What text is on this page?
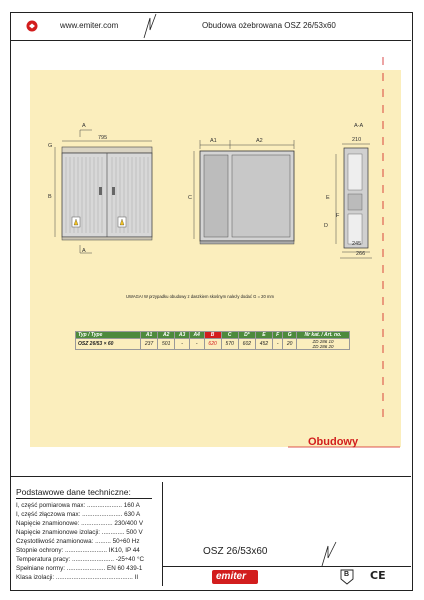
www.emiter.com	Obudowa ożebrowana OSZ 26/53x60
795
A
A
G
B
A1	A2
C
A-A
210
E
F
D
245
266
UWAGA! W przypadku obudowy z daszkiem skośnym należy dodać G = 20 mm
Typ / Type	A1	A2	A3	A4	B	C	D*	E	F	G	Nr kat. / Art. no.
OSZ 26/53 × 60	237	501	-	-	620	570	602	452	-	20	ZD 286 10
ZD 286 20
Obudowy
Podstawowe dane techniczne:
I, część pomiarowa max: .................... 160 A
I, część złączowa max: ....................... 630 A
Napięcie znamionowe: .................. 230/400 V
Napięcie znamionowe izolacji: ............. 500 V
Częstotliwość znamionowa: ......... 50÷60 Hz
Stopnie ochrony: ........................ IK10, IP 44
Temperatura pracy: ........................ -25÷40 °C
Spełniane normy: ...................... EN 60 439-1
Klasa izolacji: ............................................ II
OSZ 26/53x60
emiter	B CE
